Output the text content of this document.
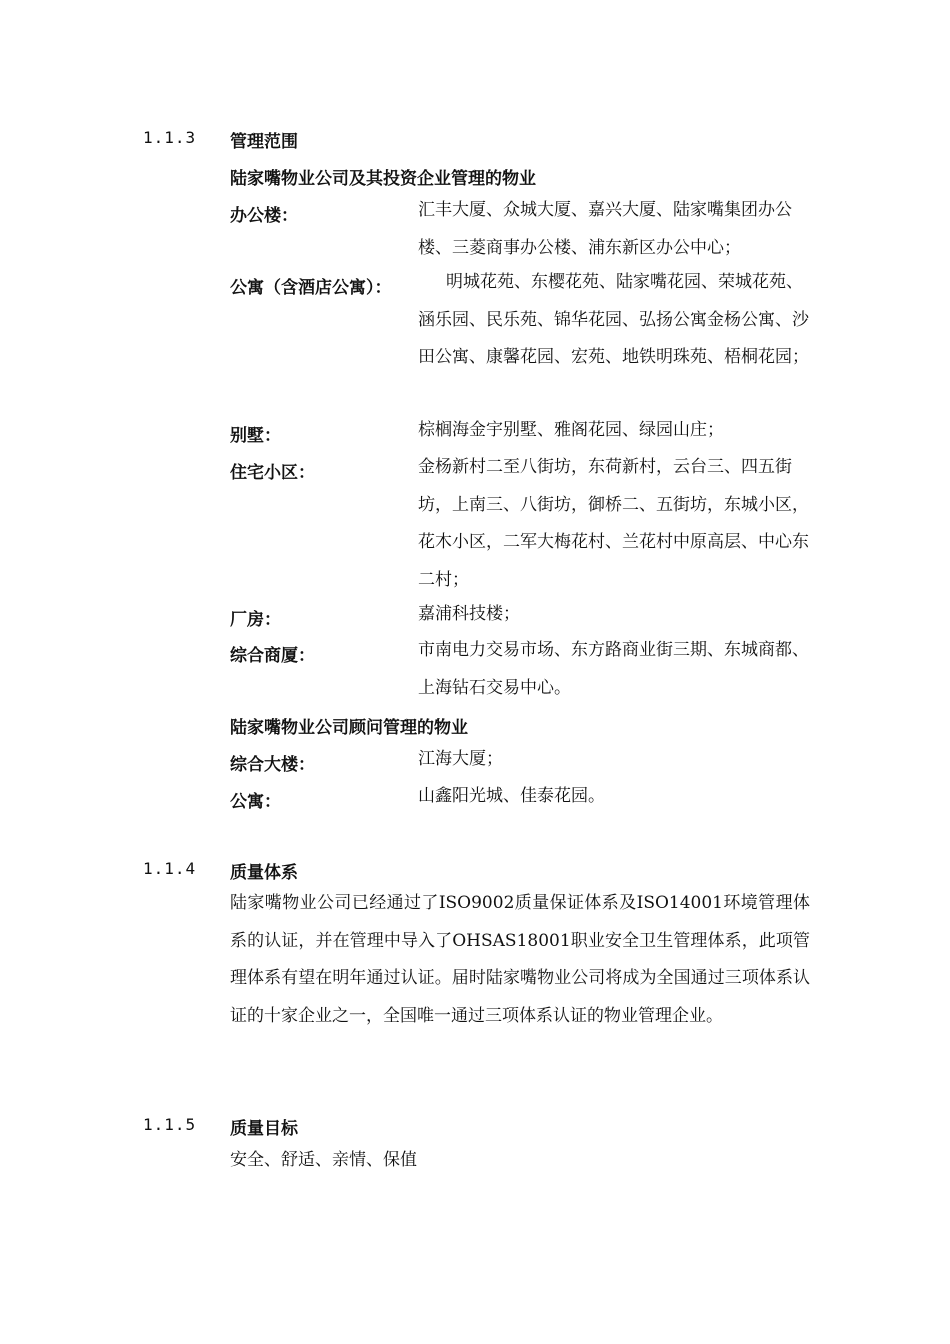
1.1.3 管理范围
陆家嘴物业公司及其投资企业管理的物业
办公楼：	汇丰大厦、众城大厦、嘉兴大厦、陆家嘴集团办公楼、三菱商事办公楼、浦东新区办公中心；
公寓（含酒店公寓）：	明城花苑、东樱花苑、陆家嘴花园、荣城花苑、涵乐园、民乐苑、锦华花园、弘扬公寓金杨公寓、沙田公寓、康馨花园、宏苑、地铁明珠苑、梧桐花园；
别墅：	棕榈海金宇别墅、雅阁花园、绿园山庄；
住宅小区：	金杨新村二至八街坊，东荷新村，云台三、四五街坊，上南三、八街坊，御桥二、五街坊，东城小区，花木小区，二军大梅花村、兰花村中原高层、中心东二村；
厂房：	嘉浦科技楼；
综合商厦：	市南电力交易市场、东方路商业街三期、东城商都、上海钻石交易中心。
陆家嘴物业公司顾问管理的物业
综合大楼：	江海大厦；
公寓：	山鑫阳光城、佳泰花园。
1.1.4 质量体系
陆家嘴物业公司已经通过了ISO9002质量保证体系及ISO14001环境管理体系的认证，并在管理中导入了OHSAS18001职业安全卫生管理体系，此项管理体系有望在明年通过认证。届时陆家嘴物业公司将成为全国通过三项体系认证的十家企业之一，全国唯一通过三项体系认证的物业管理企业。
1.1.5 质量目标
安全、舒适、亲情、保值
